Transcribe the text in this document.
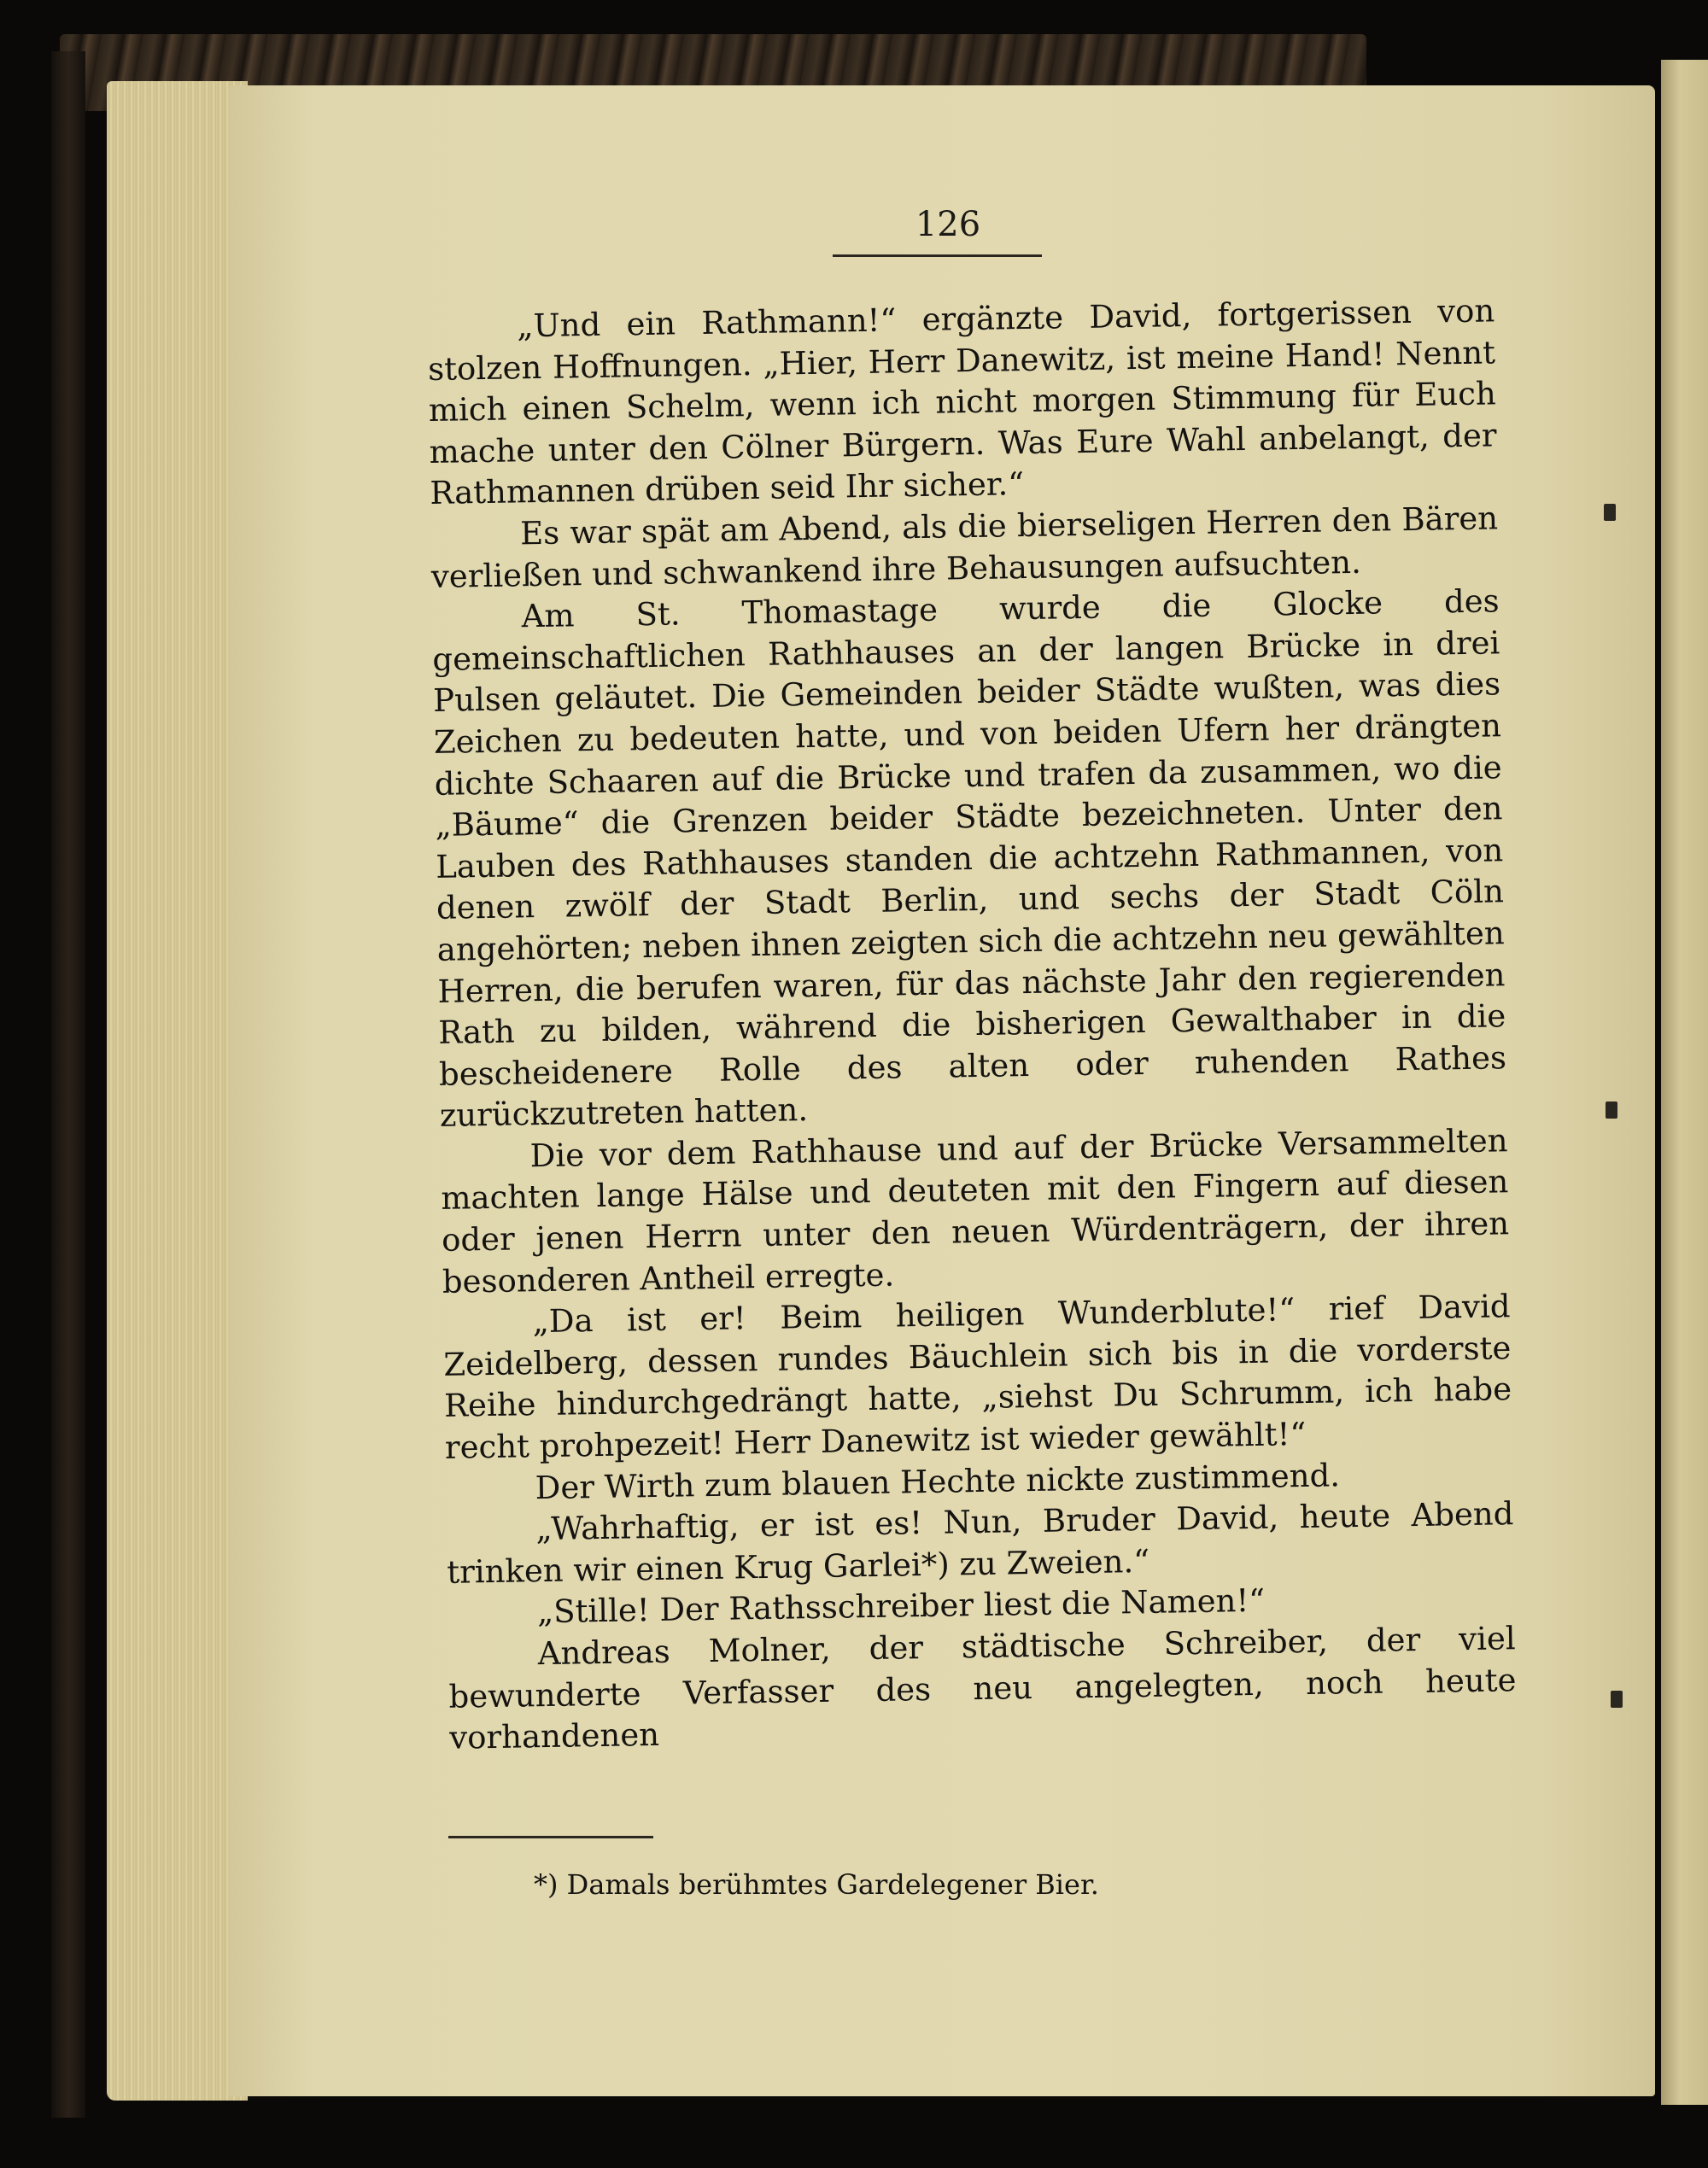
126

„Und ein Rathmann!“ ergänzte David, fortgerissen von stolzen Hoffnungen. „Hier, Herr Danewitz, ist meine Hand! Nennt mich einen Schelm, wenn ich nicht morgen Stimmung für Euch mache unter den Cölner Bürgern. Was Eure Wahl anbelangt, der Rathmannen drüben seid Ihr sicher.“

Es war spät am Abend, als die bierseligen Herren den Bären verließen und schwankend ihre Behausungen aufsuchten.

Am St. Thomastage wurde die Glocke des gemeinschaftlichen Rathhauses an der langen Brücke in drei Pulsen geläutet. Die Gemeinden beider Städte wußten, was dies Zeichen zu bedeuten hatte, und von beiden Ufern her drängten dichte Schaaren auf die Brücke und trafen da zusammen, wo die „Bäume“ die Grenzen beider Städte bezeichneten. Unter den Lauben des Rathhauses standen die achtzehn Rathmannen, von denen zwölf der Stadt Berlin, und sechs der Stadt Cöln angehörten; neben ihnen zeigten sich die achtzehn neu gewählten Herren, die berufen waren, für das nächste Jahr den regierenden Rath zu bilden, während die bisherigen Gewalthaber in die bescheidenere Rolle des alten oder ruhenden Rathes zurückzutreten hatten.

Die vor dem Rathhause und auf der Brücke Versammelten machten lange Hälse und deuteten mit den Fingern auf diesen oder jenen Herrn unter den neuen Würdenträgern, der ihren besonderen Antheil erregte.

„Da ist er! Beim heiligen Wunderblute!“ rief David Zeidelberg, dessen rundes Bäuchlein sich bis in die vorderste Reihe hindurchgedrängt hatte, „siehst Du Schrumm, ich habe recht prohpezeit! Herr Danewitz ist wieder gewählt!“

Der Wirth zum blauen Hechte nickte zustimmend.

„Wahrhaftig, er ist es! Nun, Bruder David, heute Abend trinken wir einen Krug Garlei*) zu Zweien.“

„Stille! Der Rathsschreiber liest die Namen!“

Andreas Molner, der städtische Schreiber, der viel bewunderte Verfasser des neu angelegten, noch heute vorhandenen

*) Damals berühmtes Gardelegener Bier.
